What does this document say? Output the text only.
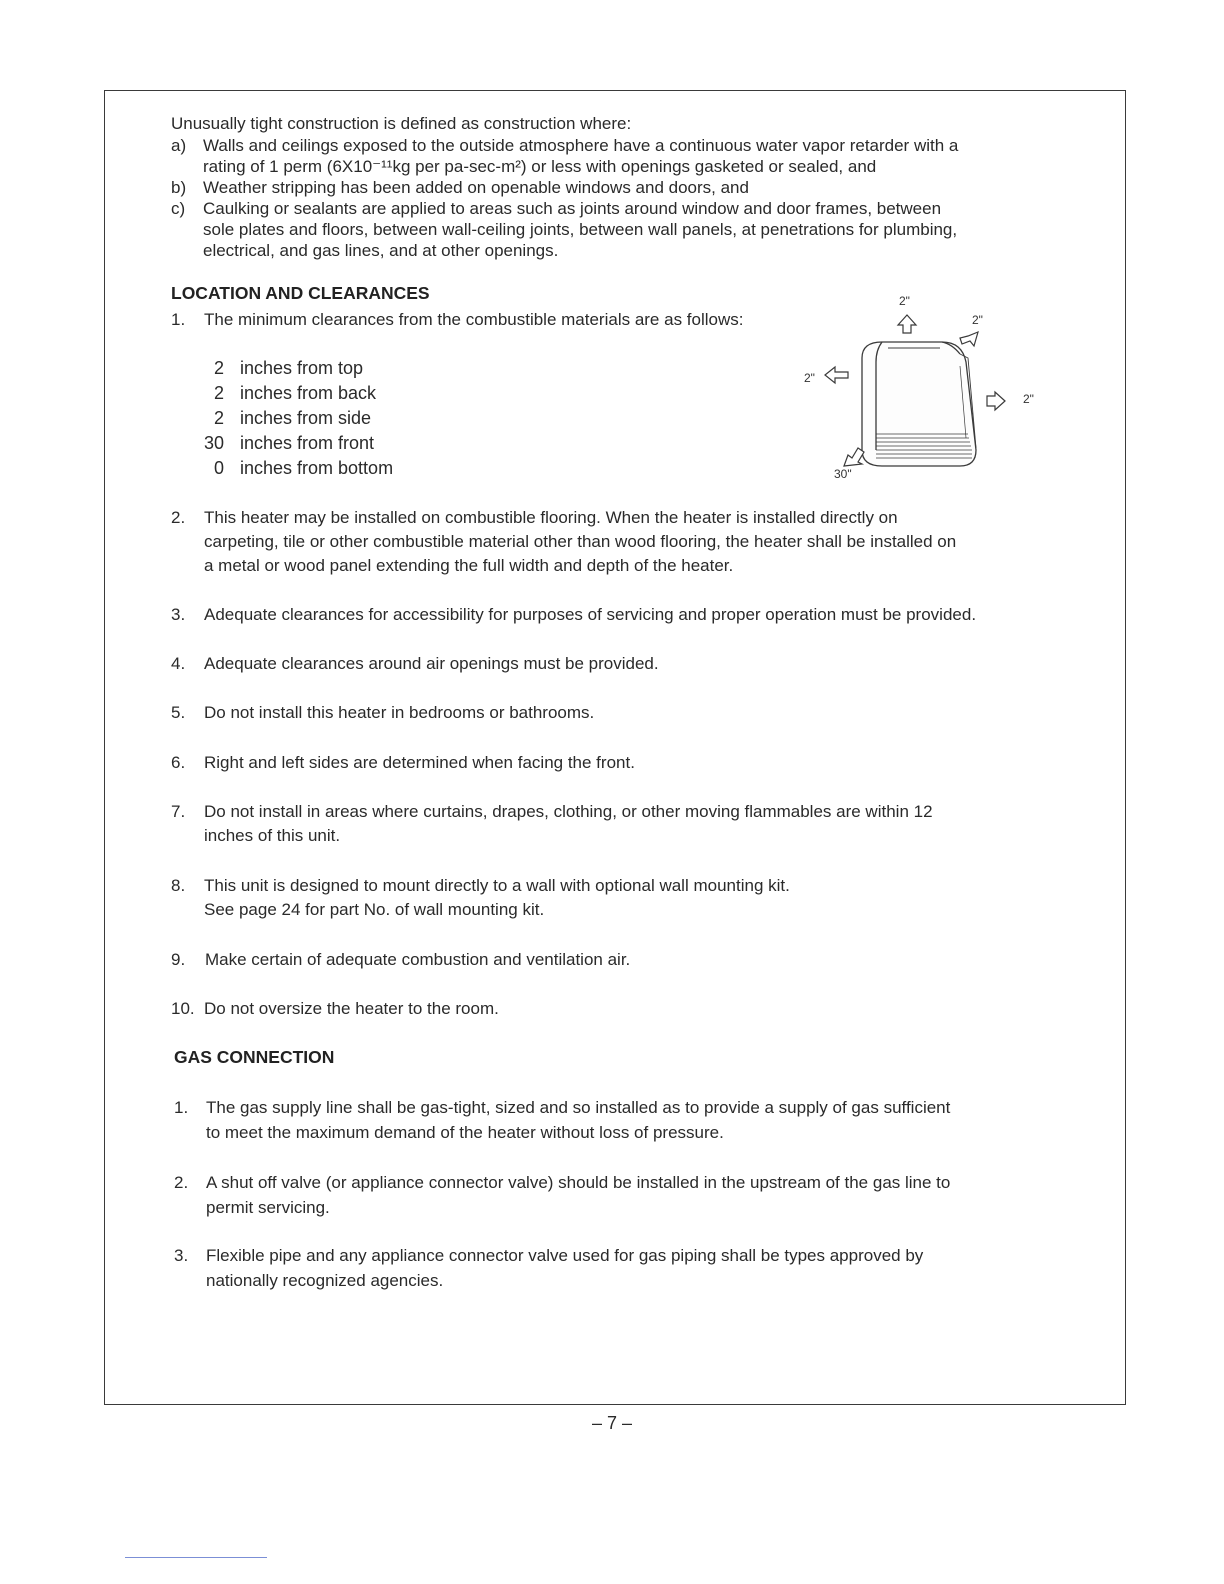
Unusually tight construction is defined as construction where:
a) Walls and ceilings exposed to the outside atmosphere have a continuous water vapor retarder with a
rating of 1 perm (6X10⁻¹¹kg per pa-sec-m²) or less with openings gasketed or sealed, and
b) Weather stripping has been added on openable windows and doors, and
c) Caulking or sealants are applied to areas such as joints around window and door frames, between
sole plates and floors, between wall-ceiling joints, between wall panels, at penetrations for plumbing,
electrical, and gas lines, and at other openings.
LOCATION AND CLEARANCES
1. The minimum clearances from the combustible materials are as follows:
2 inches from top
2 inches from back
2 inches from side
30 inches from front
0 inches from bottom
2"
2"
2"
2"
30"
2. This heater may be installed on combustible flooring. When the heater is installed directly on
carpeting, tile or other combustible material other than wood flooring, the heater shall be installed on
a metal or wood panel extending the full width and depth of the heater.
3. Adequate clearances for accessibility for purposes of servicing and proper operation must be provided.
4. Adequate clearances around air openings must be provided.
5. Do not install this heater in bedrooms or bathrooms.
6. Right and left sides are determined when facing the front.
7. Do not install in areas where curtains, drapes, clothing, or other moving flammables are within 12
inches of this unit.
8. This unit is designed to mount directly to a wall with optional wall mounting kit.
See page 24 for part No. of wall mounting kit.
9. Make certain of adequate combustion and ventilation air.
10. Do not oversize the heater to the room.
GAS CONNECTION
1. The gas supply line shall be gas-tight, sized and so installed as to provide a supply of gas sufficient
to meet the maximum demand of the heater without loss of pressure.
2. A shut off valve (or appliance connector valve) should be installed in the upstream of the gas line to
permit servicing.
3. Flexible pipe and any appliance connector valve used for gas piping shall be types approved by
nationally recognized agencies.
– 7 –
